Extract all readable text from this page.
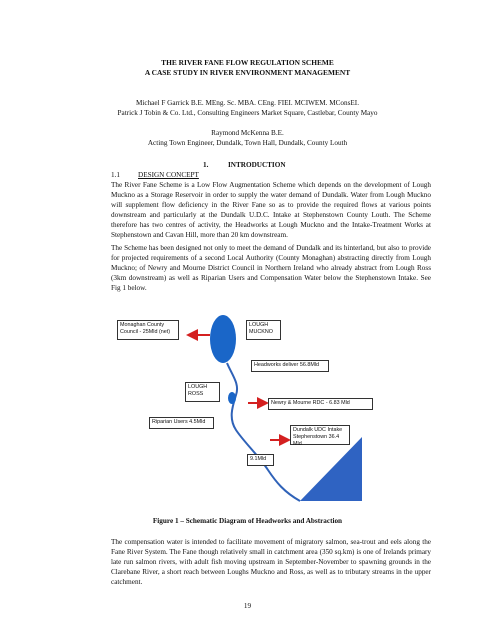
THE RIVER FANE FLOW REGULATION SCHEME
A CASE STUDY IN RIVER ENVIRONMENT MANAGEMENT
Michael F Garrick B.E. MEng. Sc. MBA. CEng. FIEI. MCIWEM. MConsEI.
Patrick J Tobin & Co. Ltd., Consulting Engineers Market Square, Castlebar, County Mayo
Raymond McKenna B.E.
Acting Town Engineer, Dundalk, Town Hall, Dundalk, County Louth
1.	INTRODUCTION
1.1	DESIGN CONCEPT
The River Fane Scheme is a Low Flow Augmentation Scheme which depends on the development of Lough Muckno as a Storage Reservoir in order to supply the water demand of Dundalk. Water from Lough Muckno will supplement flow deficiency in the River Fane so as to provide the required flows at various points downstream and particularly at the Dundalk U.D.C. Intake at Stephenstown County Louth. The Scheme therefore has two centres of activity, the Headworks at Lough Muckno and the Intake-Treatment Works at Stephenstown and Cavan Hill, more than 20 km downstream.
The Scheme has been designed not only to meet the demand of Dundalk and its hinterland, but also to provide for projected requirements of a second Local Authority (County Monaghan) abstracting directly from Lough Muckno; of Newry and Mourne District Council in Northern Ireland who already abstract from Lough Ross (3km downstream) as well as Riparian Users and Compensation Water below the Stephenstown Intake. See Fig 1 below.
Monaghan County
Council - 25Mld (net)
LOUGH
MUCKNO
Headworks deliver 56.8Mld
LOUGH
ROSS
Newry & Mourne RDC - 6.83 Mld
Riparian Users 4.5Mld
Dundalk UDC Intake
Stephenstown 36.4 Mld
9.1Mld
Figure 1 – Schematic Diagram of Headworks and Abstraction
The compensation water is intended to facilitate movement of migratory salmon, sea-trout and eels along the Fane River System. The Fane though relatively small in catchment area (350 sq.km) is one of Irelands primary late run salmon rivers, with adult fish moving upstream in September-November to spawning grounds in the Clarebane River, a short reach between Loughs Muckno and Ross, as well as to tributary streams in the upper catchment.
19
